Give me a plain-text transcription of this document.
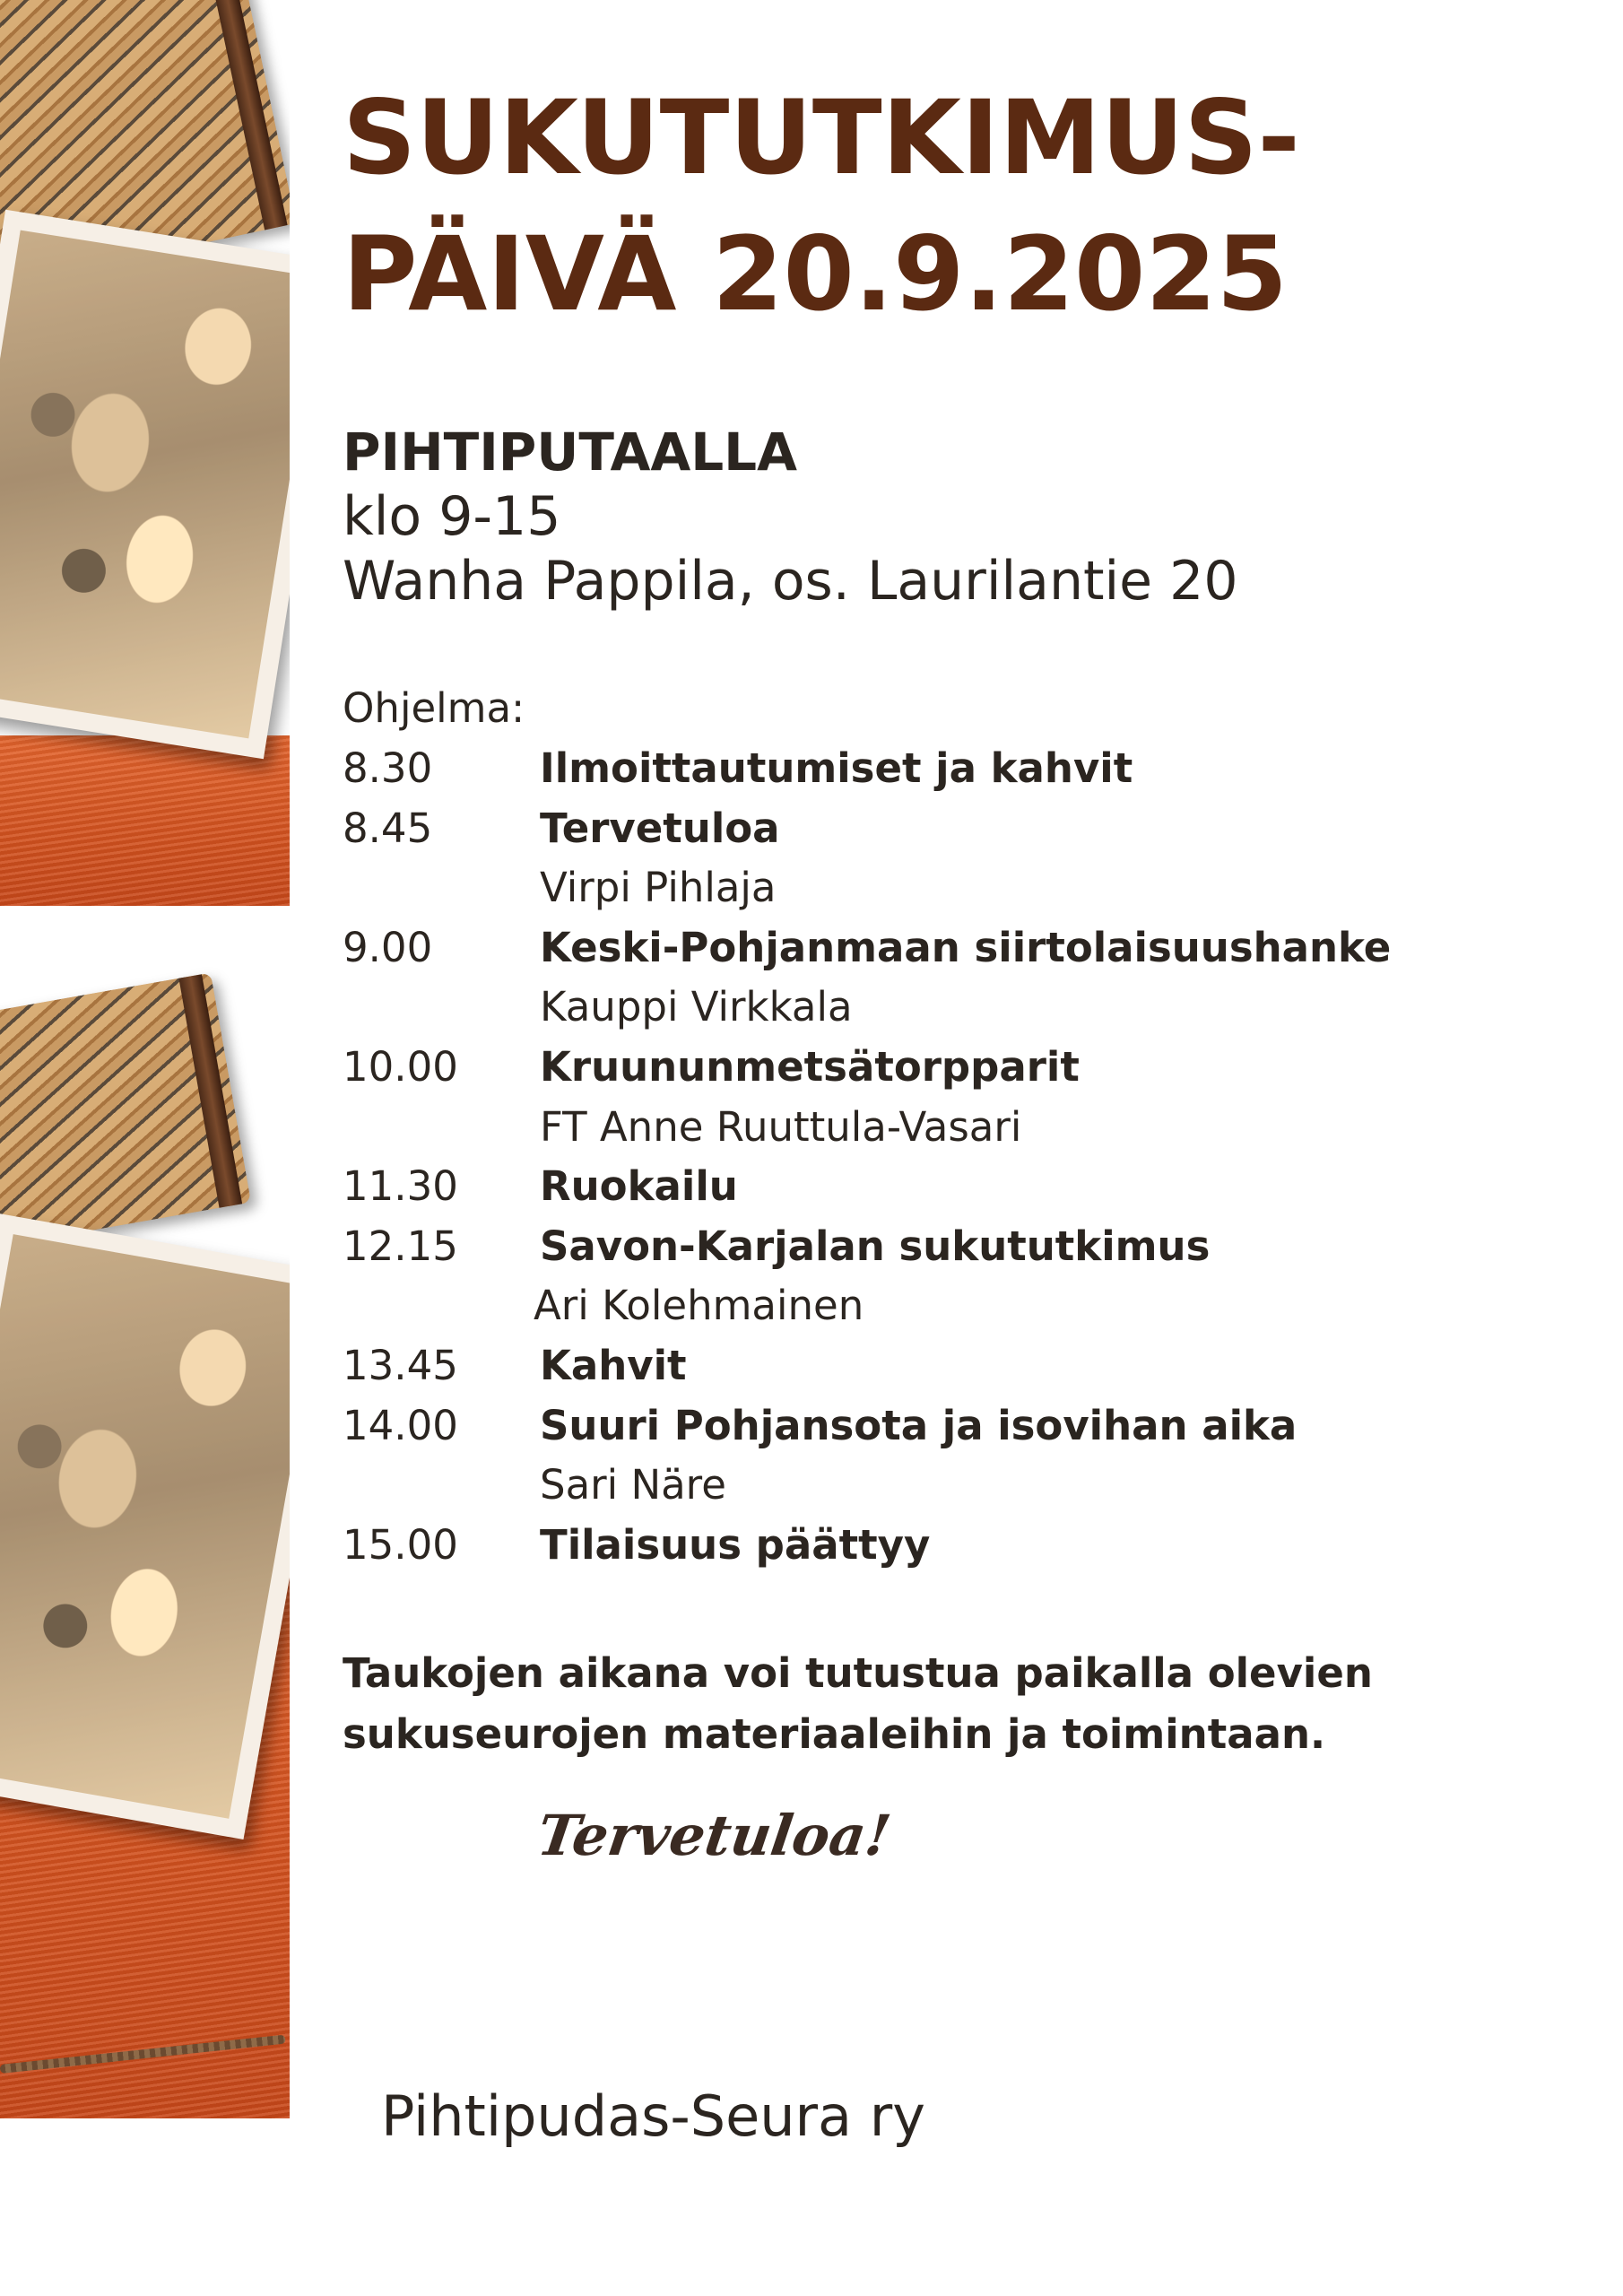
SUKUTUTKIMUS-
PÄIVÄ 20.9.2025
PIHTIPUTAALLA
klo 9-15
Wanha Pappila, os. Laurilantie 20
Ohjelma:
8.30	Ilmoittautumiset ja kahvit
8.45	Tervetuloa
Virpi Pihlaja
9.00	Keski-Pohjanmaan siirtolaisuushanke
Kauppi Virkkala
10.00 Kruununmetsätorpparit
FT Anne Ruuttula-Vasari
11.30 Ruokailu
12.15 Savon-Karjalan sukututkimus
Ari Kolehmainen
13.45 Kahvit
14.00 Suuri Pohjansota ja isovihan aika
Sari Näre
15.00 Tilaisuus päättyy
Taukojen aikana voi tutustua paikalla olevien
sukuseurojen materiaaleihin ja toimintaan.
Tervetuloa!
Pihtipudas-Seura ry
